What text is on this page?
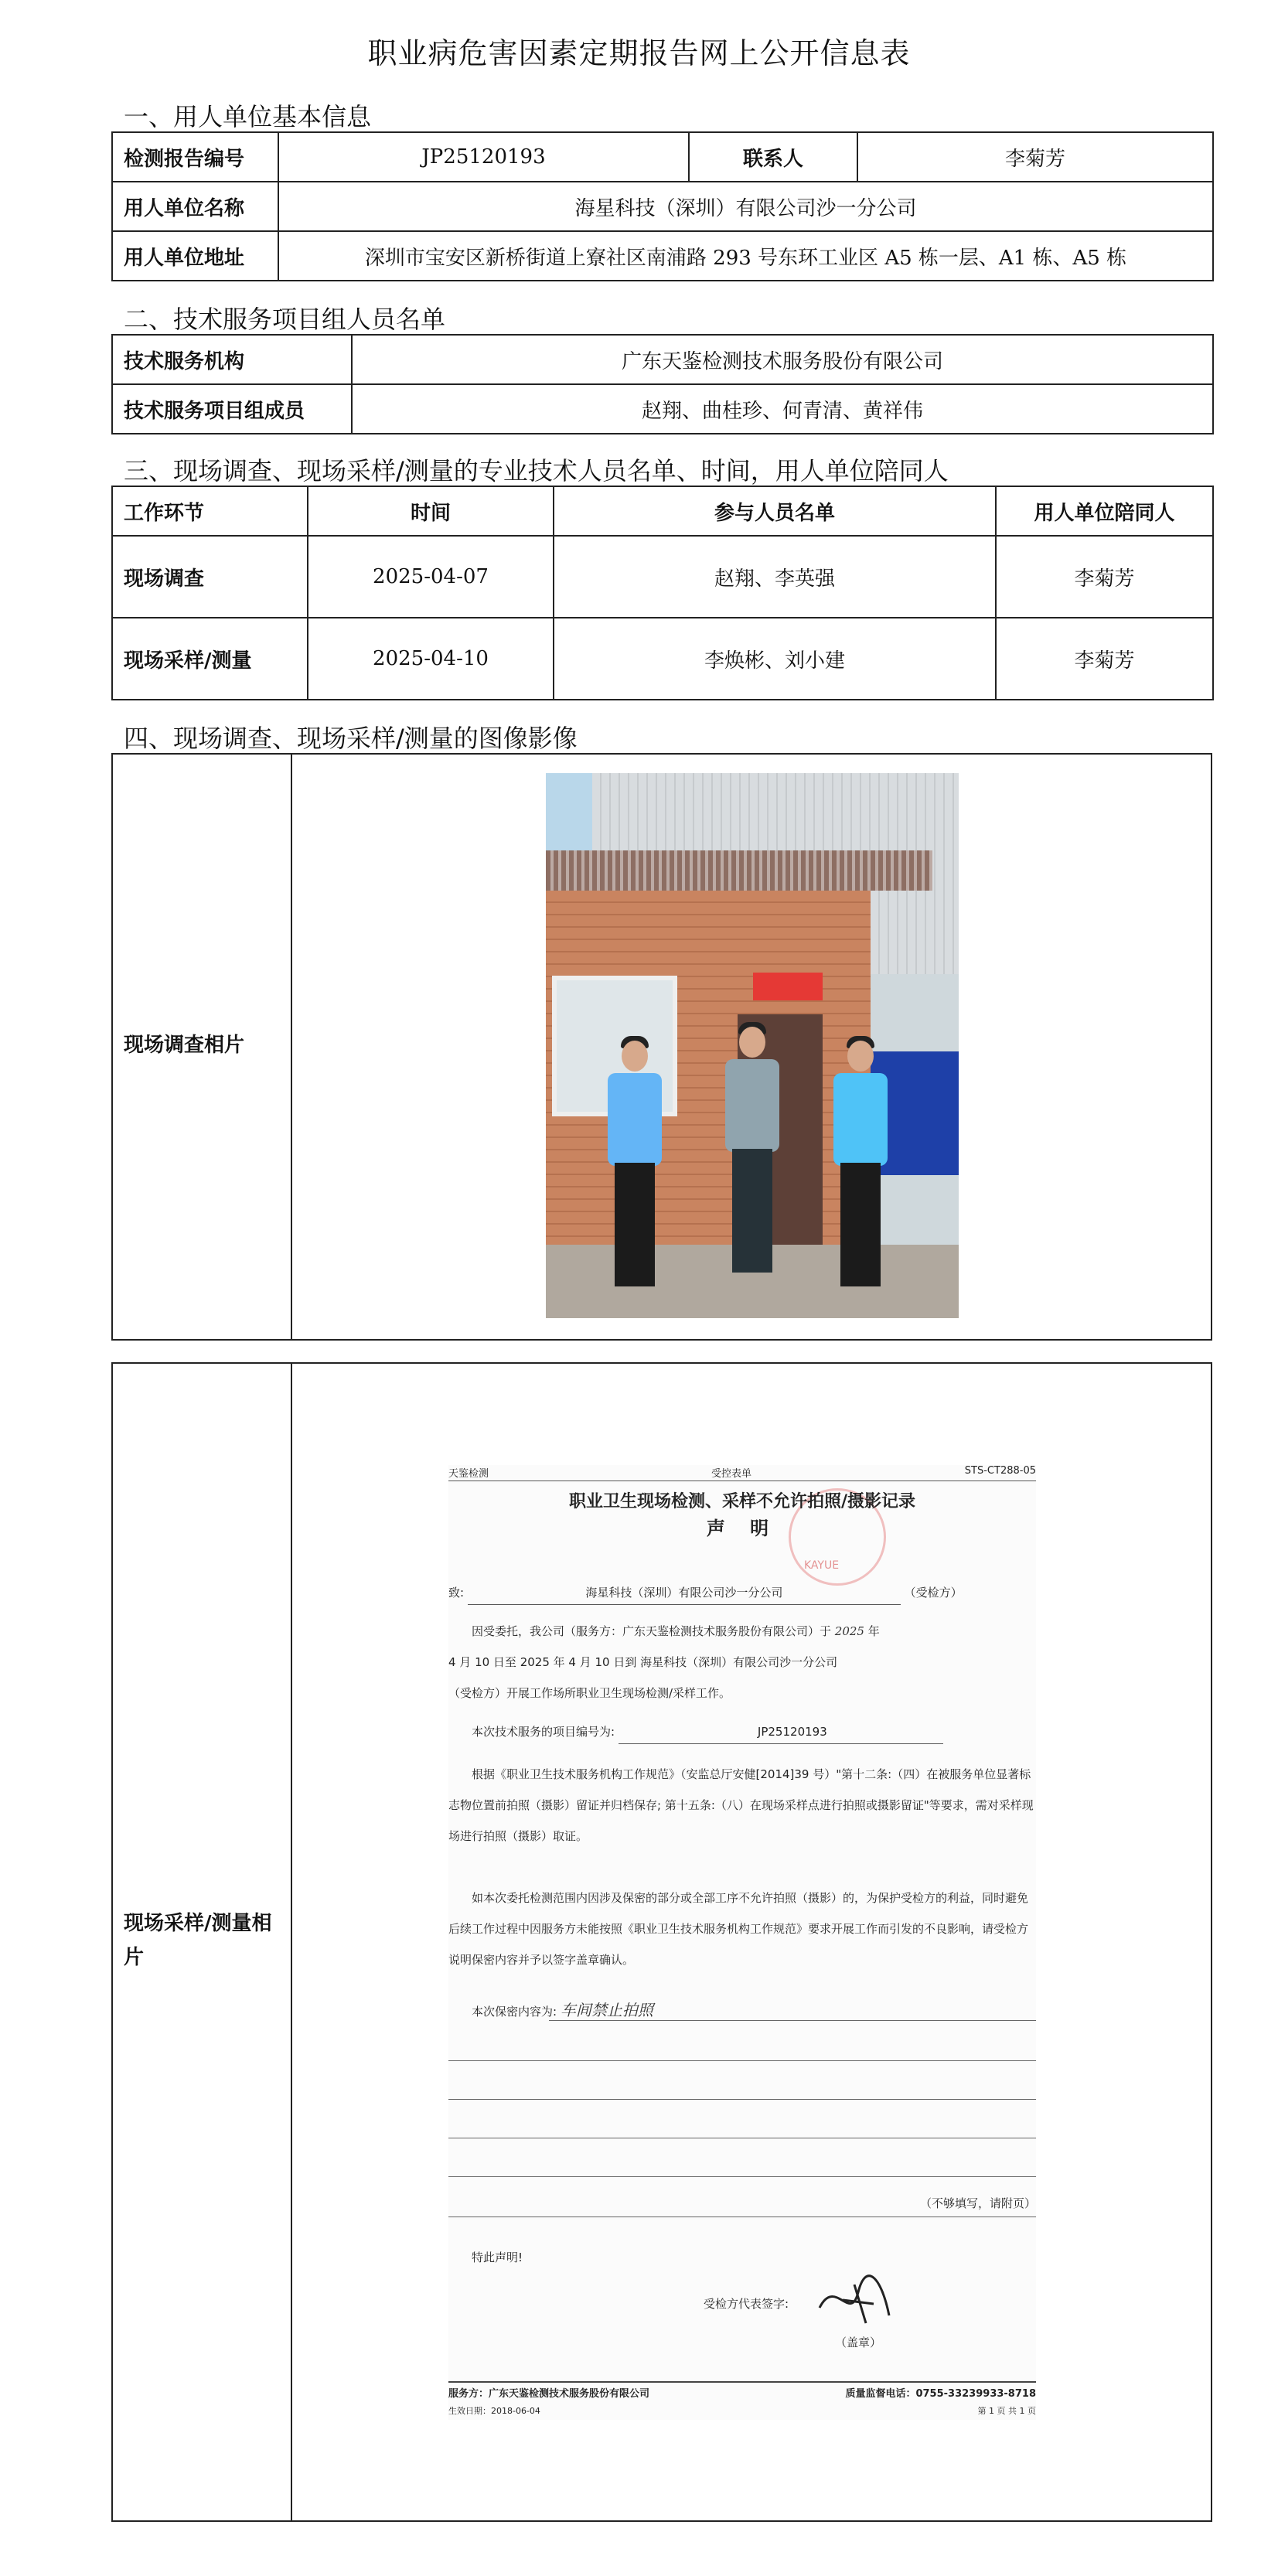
职业病危害因素定期报告网上公开信息表
一、用人单位基本信息
检测报告编号	JP25120193	联系人	李菊芳
用人单位名称	海星科技（深圳）有限公司沙一分公司		
用人单位地址	深圳市宝安区新桥街道上寮社区南浦路 293 号东环工业区 A5 栋一层、A1 栋、A5 栋		
二、技术服务项目组人员名单
技术服务机构	广东天鉴检测技术服务股份有限公司
技术服务项目组成员	赵翔、曲桂珍、何青清、黄祥伟
三、现场调查、现场采样/测量的专业技术人员名单、时间，用人单位陪同人
工作环节	时间	参与人员名单	用人单位陪同人
现场调查	2025-04-07	赵翔、李英强	李菊芳
现场采样/测量	2025-04-10	李焕彬、刘小建	李菊芳
四、现场调查、现场采样/测量的图像影像
现场调查相片
现场采样/测量相片
天鉴检测	受控表单	STS-CT288-05
KAYUE
职业卫生现场检测、采样不允许拍照/摄影记录
声 明

致:	海星科技（深圳）有限公司沙一分公司	（受检方）

因受委托，我公司（服务方：广东天鉴检测技术服务股份有限公司）于 2025 年

4 月 10 日至 2025 年 4 月 10 日到 海星科技（深圳）有限公司沙一分公司

（受检方）开展工作场所职业卫生现场检测/采样工作。

本次技术服务的项目编号为:	JP25120193

根据《职业卫生技术服务机构工作规范》（安监总厅安健[2014]39 号）"第十二条:（四）在被服务单位显著标志物位置前拍照（摄影）留证并归档保存; 第十五条:（八）在现场采样点进行拍照或摄影留证"等要求，需对采样现场进行拍照（摄影）取证。

如本次委托检测范围内因涉及保密的部分或全部工序不允许拍照（摄影）的，为保护受检方的利益，同时避免后续工作过程中因服务方未能按照《职业卫生技术服务机构工作规范》要求开展工作而引发的不良影响，请受检方说明保密内容并予以签字盖章确认。

本次保密内容为: 车间禁止拍照

（不够填写，请附页）

特此声明!

受检方代表签字:

（盖章）

服务方：广东天鉴检测技术服务股份有限公司	质量监督电话：0755-33239933-8718
生效日期：2018-06-04	第 1 页 共 1 页
